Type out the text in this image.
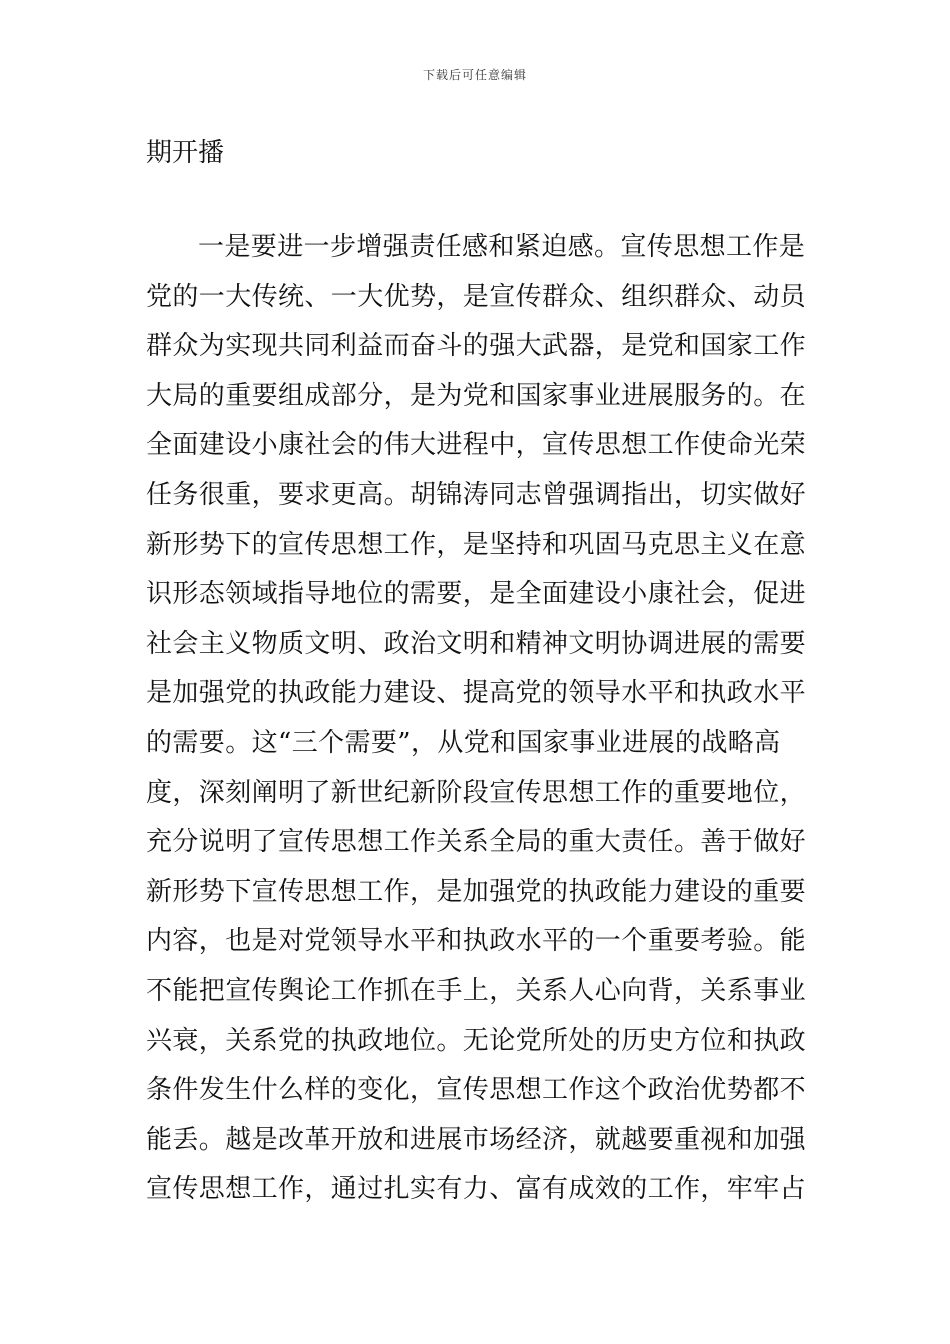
下载后可任意编辑
期开播

一是要进一步增强责任感和紧迫感。宣传思想工作是
党的一大传统、一大优势，是宣传群众、组织群众、动员
群众为实现共同利益而奋斗的强大武器，是党和国家工作
大局的重要组成部分，是为党和国家事业进展服务的。在
全面建设小康社会的伟大进程中，宣传思想工作使命光荣
任务很重，要求更高。胡锦涛同志曾强调指出，切实做好
新形势下的宣传思想工作，是坚持和巩固马克思主义在意
识形态领域指导地位的需要，是全面建设小康社会，促进
社会主义物质文明、政治文明和精神文明协调进展的需要
是加强党的执政能力建设、提高党的领导水平和执政水平
的需要。这“三个需要”，从党和国家事业进展的战略高
度，深刻阐明了新世纪新阶段宣传思想工作的重要地位，
充分说明了宣传思想工作关系全局的重大责任。善于做好
新形势下宣传思想工作，是加强党的执政能力建设的重要
内容，也是对党领导水平和执政水平的一个重要考验。能
不能把宣传舆论工作抓在手上，关系人心向背，关系事业
兴衰，关系党的执政地位。无论党所处的历史方位和执政
条件发生什么样的变化，宣传思想工作这个政治优势都不
能丢。越是改革开放和进展市场经济，就越要重视和加强
宣传思想工作，通过扎实有力、富有成效的工作，牢牢占
